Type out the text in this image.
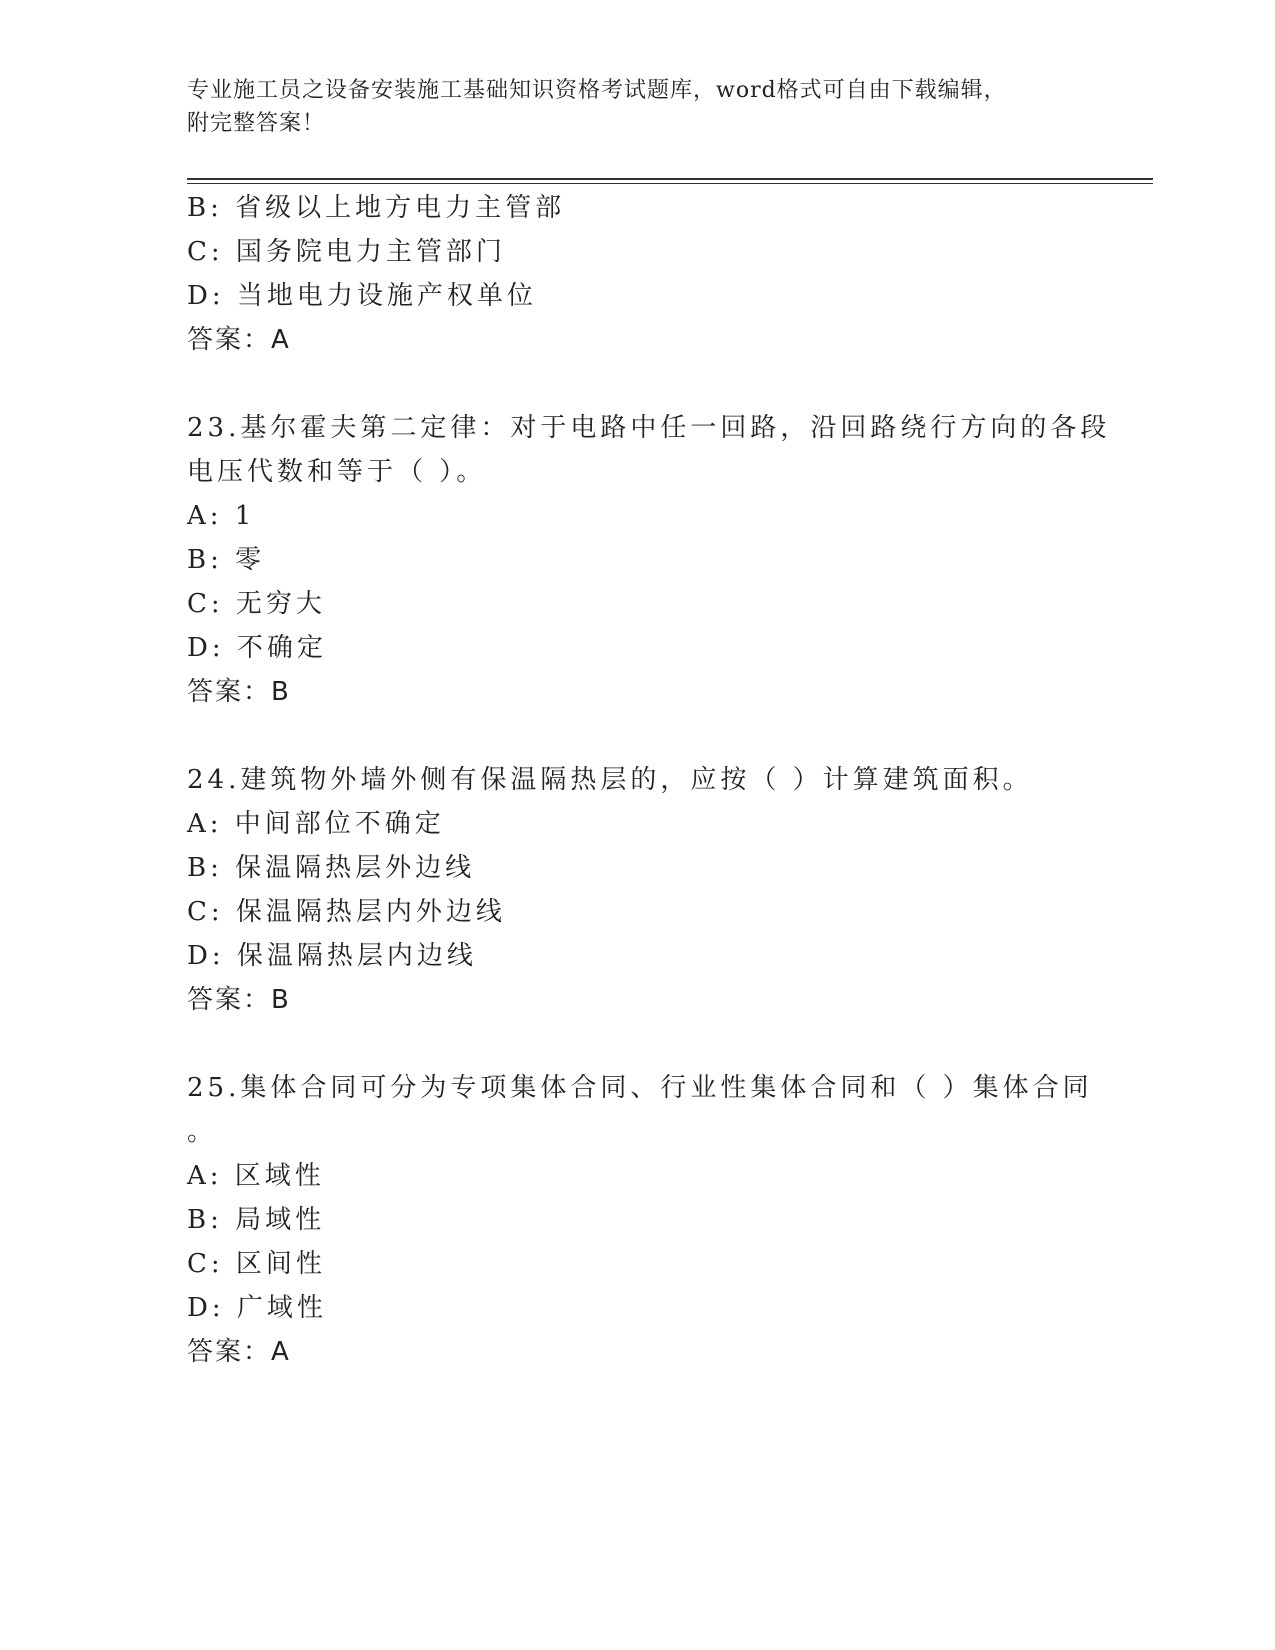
专业施工员之设备安装施工基础知识资格考试题库，word格式可自由下载编辑，
附完整答案！
B: 省级以上地方电力主管部
C: 国务院电力主管部门
D: 当地电力设施产权单位
答案：A
23.基尔霍夫第二定律：对于电路中任一回路，沿回路绕行方向的各段
电压代数和等于（ ）。
A: 1
B: 零
C: 无穷大
D: 不确定
答案：B
24.建筑物外墙外侧有保温隔热层的，应按（ ）计算建筑面积。
A: 中间部位不确定
B: 保温隔热层外边线
C: 保温隔热层内外边线
D: 保温隔热层内边线
答案：B
25.集体合同可分为专项集体合同、行业性集体合同和（ ）集体合同
。
A: 区域性
B: 局域性
C: 区间性
D: 广域性
答案：A
